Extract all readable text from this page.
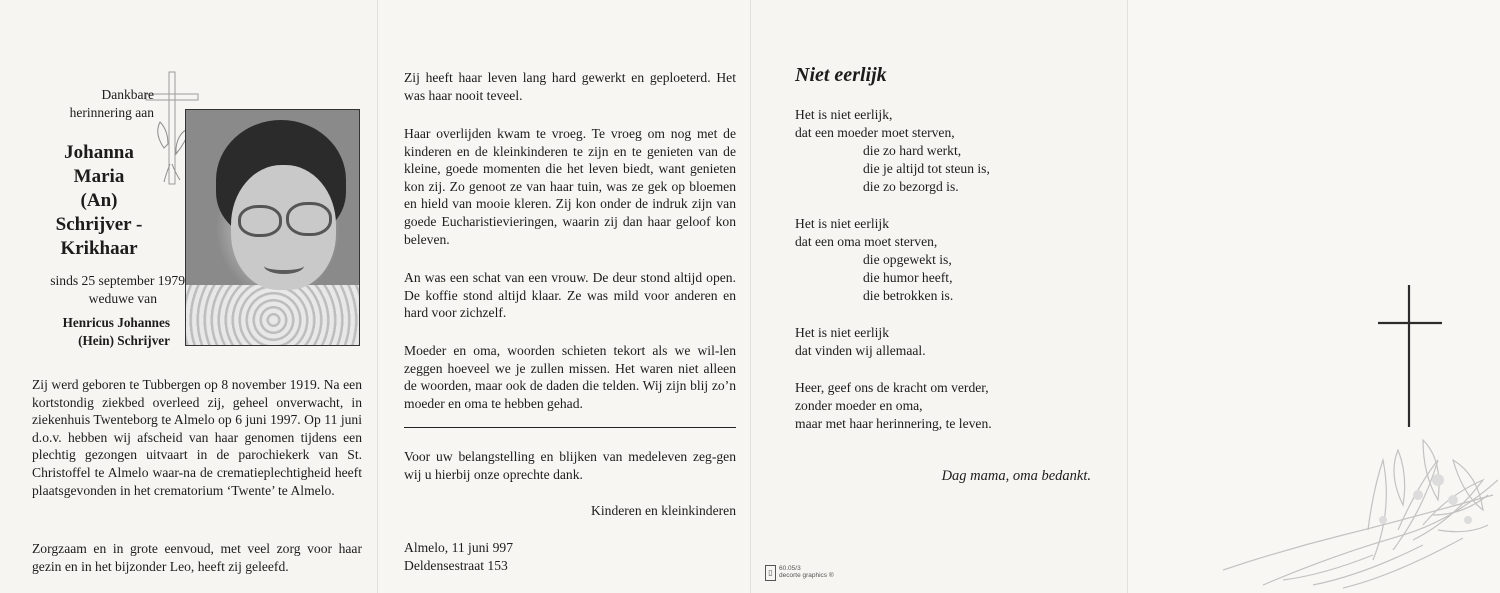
Dankbare
herinnering aan
Johanna
Maria
(An)
Schrijver -
Krikhaar
sinds 25 september 1979
weduwe van
Henricus Johannes
(Hein) Schrijver
Zij werd geboren te Tubbergen op 8 november 1919. Na een kortstondig ziekbed overleed zij, geheel onverwacht, in ziekenhuis Twenteborg te Almelo op 6 juni 1997. Op 11 juni d.o.v. hebben wij afscheid van haar genomen tijdens een plechtig gezongen uitvaart in de parochiekerk van St. Christoffel te Almelo waar-na de crematieplechtigheid heeft plaatsgevonden in het crematorium ‘Twente’ te Almelo.
Zorgzaam en in grote eenvoud, met veel zorg voor haar gezin en in het bijzonder Leo, heeft zij geleefd.
Zij heeft haar leven lang hard gewerkt en geploeterd. Het was haar nooit teveel.
Haar overlijden kwam te vroeg. Te vroeg om nog met de kinderen en de kleinkinderen te zijn en te genieten van de kleine, goede momenten die het leven biedt, want genieten kon zij. Zo genoot ze van haar tuin, was ze gek op bloemen en hield van mooie kleren. Zij kon onder de indruk zijn van goede Eucharistievieringen, waarin zij dan haar geloof kon beleven.
An was een schat van een vrouw. De deur stond altijd open. De koffie stond altijd klaar. Ze was mild voor anderen en hard voor zichzelf.
Moeder en oma, woorden schieten tekort als we wil-len zeggen hoeveel we je zullen missen. Het waren niet alleen de woorden, maar ook de daden die telden. Wij zijn blij zo’n moeder en oma te hebben gehad.
Voor uw belangstelling en blijken van medeleven zeg-gen wij u hierbij onze oprechte dank.
Kinderen en kleinkinderen
Almelo, 11 juni 997
Deldensestraat 153
Niet eerlijk
Het is niet eerlijk,
dat een moeder moet sterven,
die zo hard werkt,
die je altijd tot steun is,
die zo bezorgd is.
Het is niet eerlijk
dat een oma moet sterven,
die opgewekt is,
die humor heeft,
die betrokken is.
Het is niet eerlijk
dat vinden wij allemaal.
Heer, geef ons de kracht om verder,
zonder moeder en oma,
maar met haar herinnering, te leven.
Dag mama, oma bedankt.
▯ 60.05/3
decorte graphics ®
